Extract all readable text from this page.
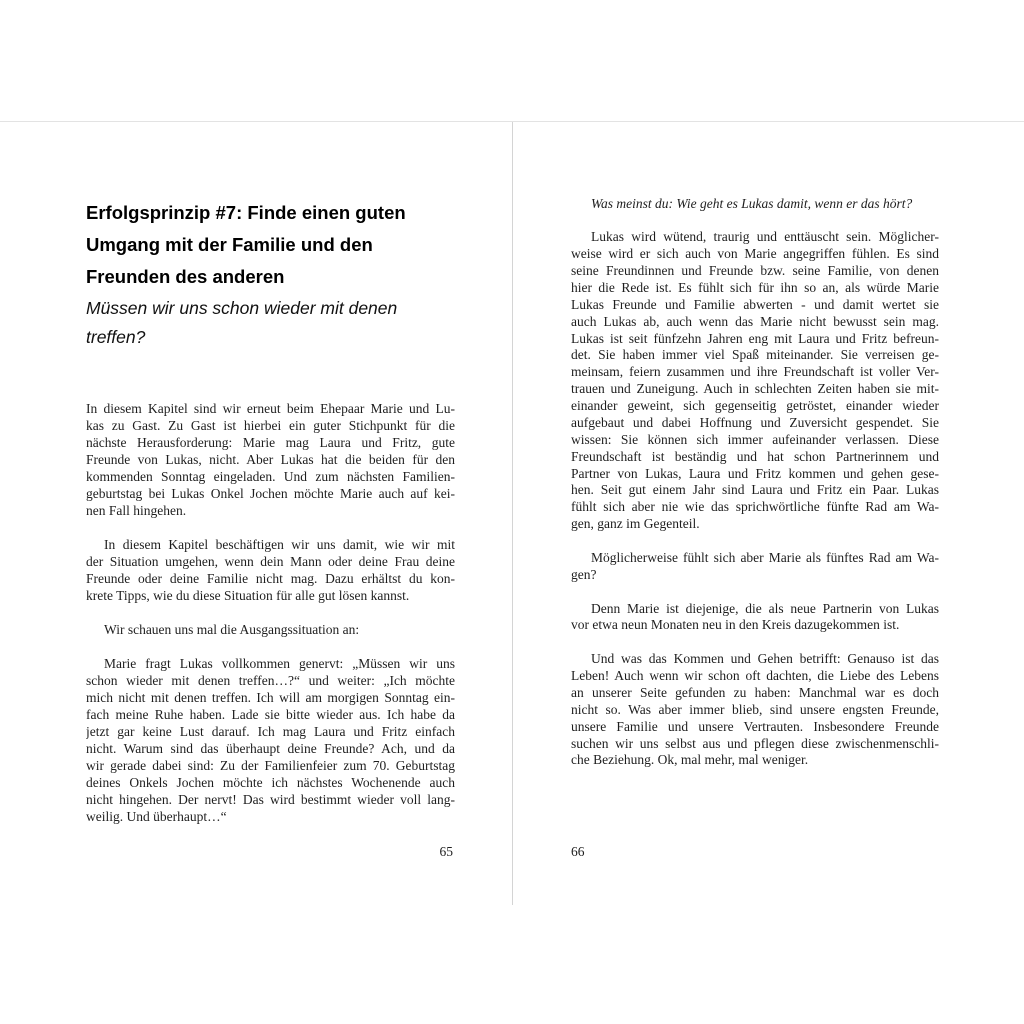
Erfolgsprinzip #7: Finde einen guten
Umgang mit der Familie und den
Freunden des anderen
Müssen wir uns schon wieder mit denen
treffen?
In diesem Kapitel sind wir erneut beim Ehepaar Marie und Lu-
kas zu Gast. Zu Gast ist hierbei ein guter Stichpunkt für die
nächste Herausforderung: Marie mag Laura und Fritz, gute
Freunde von Lukas, nicht. Aber Lukas hat die beiden für den
kommenden Sonntag eingeladen. Und zum nächsten Familien-
geburtstag bei Lukas Onkel Jochen möchte Marie auch auf kei-
nen Fall hingehen.
In diesem Kapitel beschäftigen wir uns damit, wie wir mit
der Situation umgehen, wenn dein Mann oder deine Frau deine
Freunde oder deine Familie nicht mag. Dazu erhältst du kon-
krete Tipps, wie du diese Situation für alle gut lösen kannst.
Wir schauen uns mal die Ausgangssituation an:
Marie fragt Lukas vollkommen genervt: „Müssen wir uns
schon wieder mit denen treffen…?“ und weiter: „Ich möchte
mich nicht mit denen treffen. Ich will am morgigen Sonntag ein-
fach meine Ruhe haben. Lade sie bitte wieder aus. Ich habe da
jetzt gar keine Lust darauf. Ich mag Laura und Fritz einfach
nicht. Warum sind das überhaupt deine Freunde? Ach, und da
wir gerade dabei sind: Zu der Familienfeier zum 70. Geburtstag
deines Onkels Jochen möchte ich nächstes Wochenende auch
nicht hingehen. Der nervt! Das wird bestimmt wieder voll lang-
weilig. Und überhaupt…“
65
Was meinst du: Wie geht es Lukas damit, wenn er das hört?
Lukas wird wütend, traurig und enttäuscht sein. Möglicher-
weise wird er sich auch von Marie angegriffen fühlen. Es sind
seine Freundinnen und Freunde bzw. seine Familie, von denen
hier die Rede ist. Es fühlt sich für ihn so an, als würde Marie
Lukas Freunde und Familie abwerten - und damit wertet sie
auch Lukas ab, auch wenn das Marie nicht bewusst sein mag.
Lukas ist seit fünfzehn Jahren eng mit Laura und Fritz befreun-
det. Sie haben immer viel Spaß miteinander. Sie verreisen ge-
meinsam, feiern zusammen und ihre Freundschaft ist voller Ver-
trauen und Zuneigung. Auch in schlechten Zeiten haben sie mit-
einander geweint, sich gegenseitig getröstet, einander wieder
aufgebaut und dabei Hoffnung und Zuversicht gespendet. Sie
wissen: Sie können sich immer aufeinander verlassen. Diese
Freundschaft ist beständig und hat schon Partnerinnem und
Partner von Lukas, Laura und Fritz kommen und gehen gese-
hen. Seit gut einem Jahr sind Laura und Fritz ein Paar. Lukas
fühlt sich aber nie wie das sprichwörtliche fünfte Rad am Wa-
gen, ganz im Gegenteil.
Möglicherweise fühlt sich aber Marie als fünftes Rad am Wa-
gen?
Denn Marie ist diejenige, die als neue Partnerin von Lukas
vor etwa neun Monaten neu in den Kreis dazugekommen ist.
Und was das Kommen und Gehen betrifft: Genauso ist das
Leben! Auch wenn wir schon oft dachten, die Liebe des Lebens
an unserer Seite gefunden zu haben: Manchmal war es doch
nicht so. Was aber immer blieb, sind unsere engsten Freunde,
unsere Familie und unsere Vertrauten. Insbesondere Freunde
suchen wir uns selbst aus und pflegen diese zwischenmenschli-
che Beziehung. Ok, mal mehr, mal weniger.
66
